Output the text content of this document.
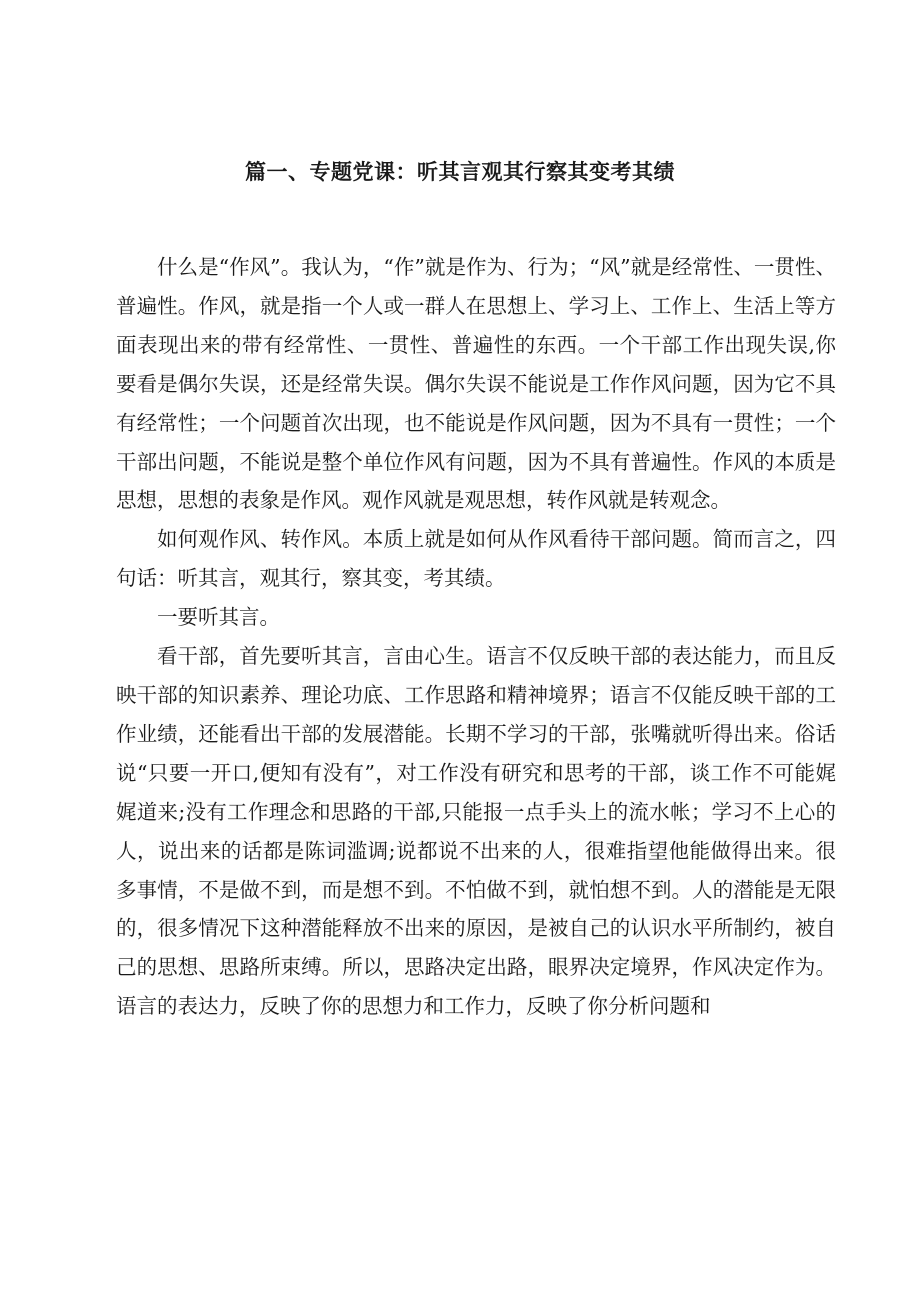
篇一、专题党课：听其言观其行察其变考其绩

什么是“作风”。我认为，“作”就是作为、行为；“风”就是经常性、一贯性、普遍性。作风，就是指一个人或一群人在思想上、学习上、工作上、生活上等方面表现出来的带有经常性、一贯性、普遍性的东西。一个干部工作出现失误,你要看是偶尔失误，还是经常失误。偶尔失误不能说是工作作风问题，因为它不具有经常性；一个问题首次出现，也不能说是作风问题，因为不具有一贯性；一个干部出问题，不能说是整个单位作风有问题，因为不具有普遍性。作风的本质是思想，思想的表象是作风。观作风就是观思想，转作风就是转观念。

如何观作风、转作风。本质上就是如何从作风看待干部问题。简而言之，四句话：听其言，观其行，察其变，考其绩。

一要听其言。

看干部，首先要听其言，言由心生。语言不仅反映干部的表达能力，而且反映干部的知识素养、理论功底、工作思路和精神境界；语言不仅能反映干部的工作业绩，还能看出干部的发展潜能。长期不学习的干部，张嘴就听得出来。俗话说“只要一开口,便知有没有”，对工作没有研究和思考的干部，谈工作不可能娓娓道来;没有工作理念和思路的干部,只能报一点手头上的流水帐；学习不上心的人，说出来的话都是陈词滥调;说都说不出来的人，很难指望他能做得出来。很多事情，不是做不到，而是想不到。不怕做不到，就怕想不到。人的潜能是无限的，很多情况下这种潜能释放不出来的原因，是被自己的认识水平所制约，被自己的思想、思路所束缚。所以，思路决定出路，眼界决定境界，作风决定作为。语言的表达力，反映了你的思想力和工作力，反映了你分析问题和
